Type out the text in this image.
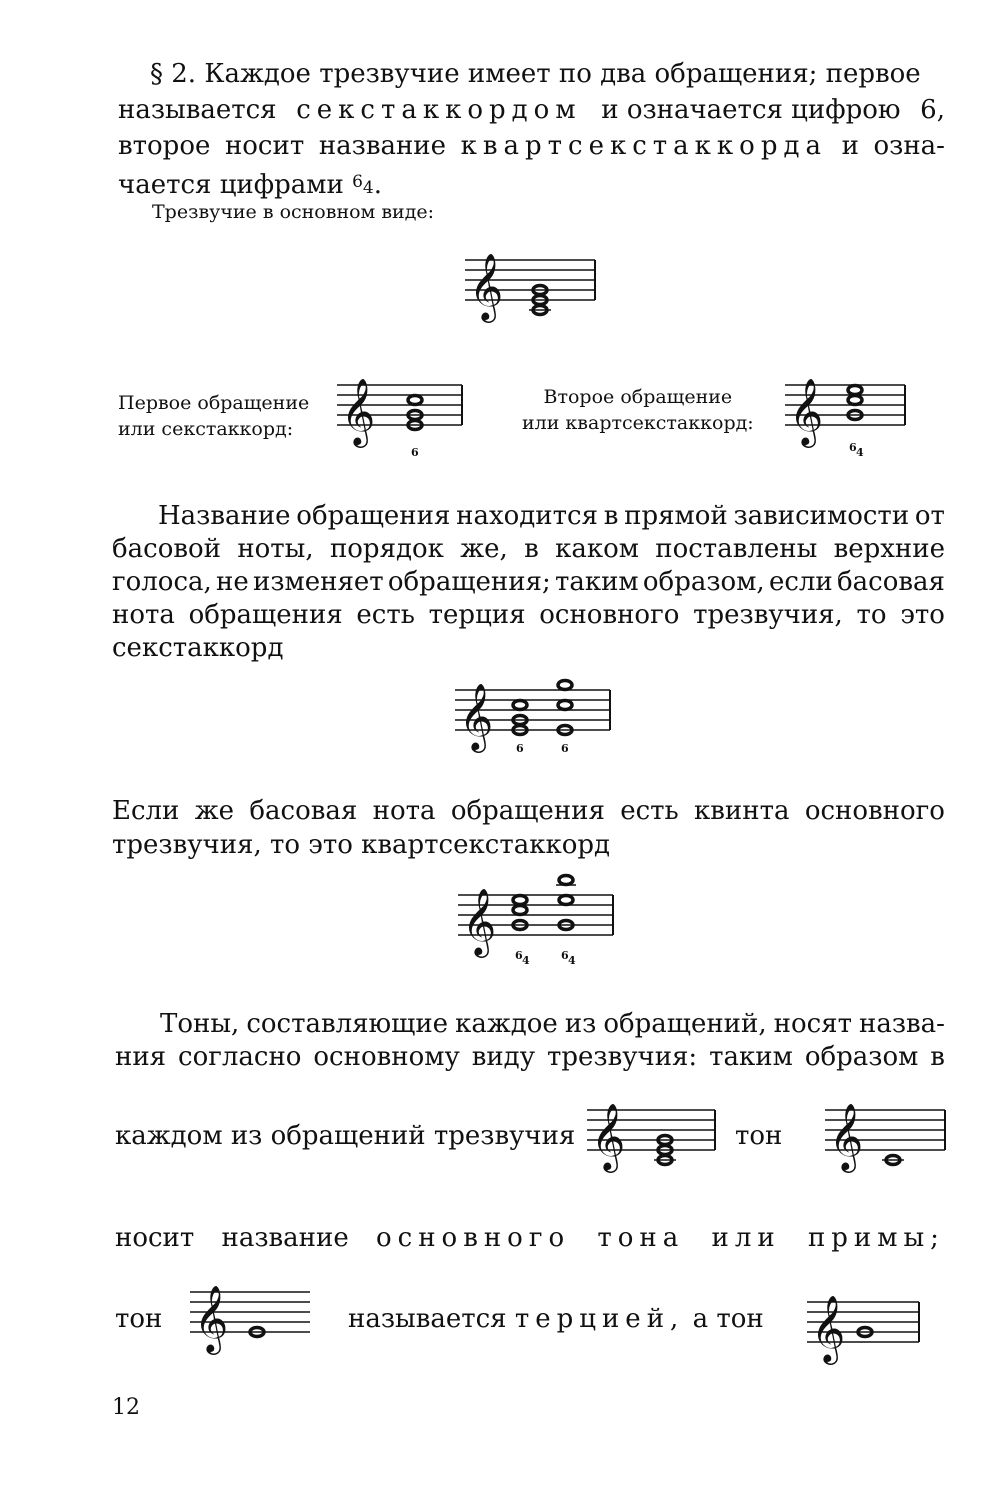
§ 2. Каждое трезвучие имеет по два обращения; первое
называется секстаккордом и означается цифрою 6,
второе носит название квартсекстаккорда и озна-
чается цифрами $^6$4.
Трезвучие в основном виде:
𝄞
Первое обращение
или секстаккорд: 𝄞
6
Второе обращение
или квартсекстаккорд: 𝄞
6 4
Название обращения находится в прямой зависимости от
басовой ноты, порядок же, в каком поставлены верхние
голоса, не изменяет обращения; таким образом, если басовая
нота обращения есть терция основного трезвучия, то это
секстаккорд
𝄞 6	6
Если же басовая нота обращения есть квинта основного
трезвучия, то это квартсекстаккорд
𝄞
6 4	6 4
Тоны, составляющие каждое из обращений, носят назва-
ния согласно основному виду трезвучия: таким образом в
каждом из обращений трезвучия 𝄞	тон 𝄞
носит название основного тона или примы;
тон 𝄞	называется терцией, а тон 𝄞
12
